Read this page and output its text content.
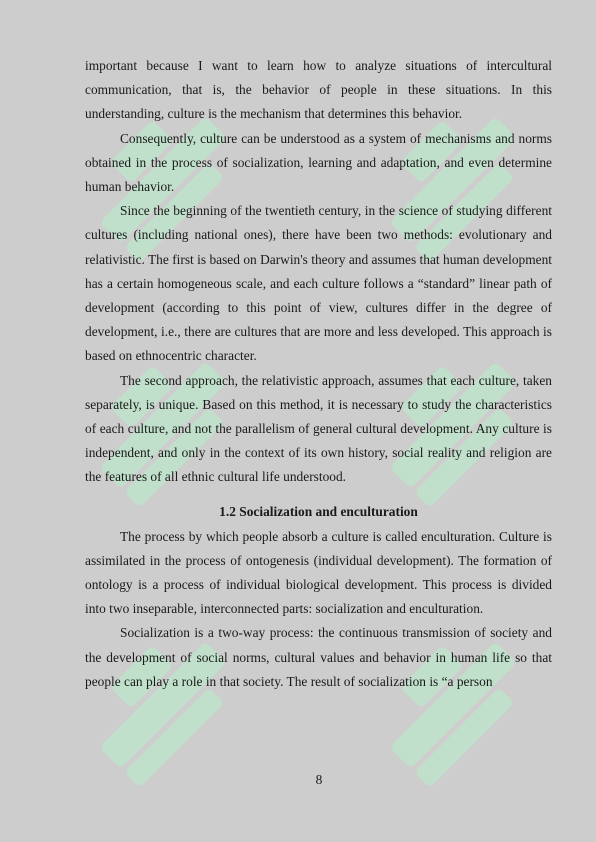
important because I want to learn how to analyze situations of intercultural communication, that is, the behavior of people in these situations. In this understanding, culture is the mechanism that determines this behavior.

Consequently, culture can be understood as a system of mechanisms and norms obtained in the process of socialization, learning and adaptation, and even determine human behavior.

Since the beginning of the twentieth century, in the science of studying different cultures (including national ones), there have been two methods: evolutionary and relativistic. The first is based on Darwin's theory and assumes that human development has a certain homogeneous scale, and each culture follows a “standard” linear path of development (according to this point of view, cultures differ in the degree of development, i.e., there are cultures that are more and less developed. This approach is based on ethnocentric character.

The second approach, the relativistic approach, assumes that each culture, taken separately, is unique. Based on this method, it is necessary to study the characteristics of each culture, and not the parallelism of general cultural development. Any culture is independent, and only in the context of its own history, social reality and religion are the features of all ethnic cultural life understood.

1.2 Socialization and enculturation

The process by which people absorb a culture is called enculturation. Culture is assimilated in the process of ontogenesis (individual development). The formation of ontology is a process of individual biological development. This process is divided into two inseparable, interconnected parts: socialization and enculturation.

Socialization is a two-way process: the continuous transmission of society and the development of social norms, cultural values and behavior in human life so that people can play a role in that society. The result of socialization is “a person

8
